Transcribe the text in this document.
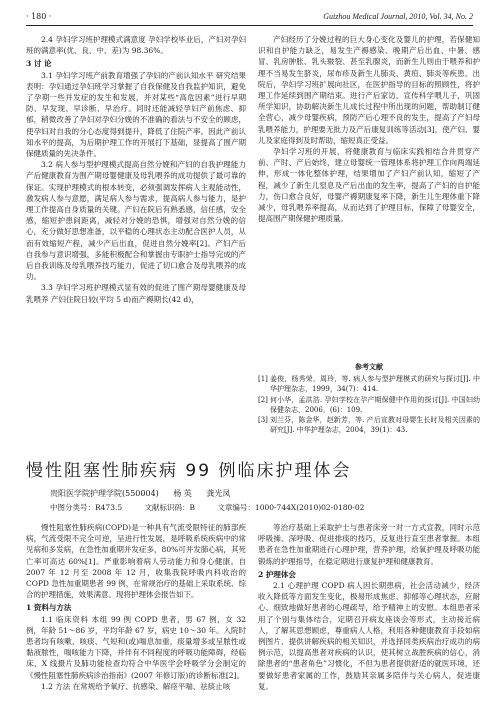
· 180 ·	Guizhou Medical Journal, 2010, Vol. 34, No. 2

2.4 孕妇学习班护理模式满意度 孕妇学校毕业后，产妇对孕妇班的满意率(优、良、中、差)为 98.36%。

3 讨 论

3.1 孕妇学习班产前教育增强了孕妇的产前认知水平 研究结果表明：孕妇通过孕妇班学习掌握了自我保健及自我监护知识，避免了孕期一些并发症的发生和发展，并对某些“高危因素”进行早期防、早发现、早诊断、早治疗。同时还能减轻孕妇产前焦虑、抑郁，稍微改善了孕妇对孕妇分娩的不准确的看法与不安全的顾虑，使孕妇对自我的分心态度得到提升，降低了住院产率。因此产前认知水平的提高，为后期护理工作的开展打下基础，显提高了围产期保健质量的先决条件。

3.2 病人参与型护理模式提高自然分娩和产妇的自我护理能力 产后健康教育为围产期母婴健康及母乳喂养的成功提供了最可靠的保证。实现护理模式的根本转变，必须强调发挥病人主观能动性，激发病人参与意愿，满足病人参与需求，提高病人参与能力，是护理工作提高自身质量的关键。产妇在院后有熟悉感，信任感，安全感，缩短护患间距离，减轻对分娩的恐惧，增强对自然分娩的信心，充分做好思想准备，以平稳的心理状态主动配合医护人员，从而有效缩短产程，减少产后出血，促进自然分娩率[2]。产妇产后自我参与意识增强，多能积极配合和掌握由专职护士指导完成的产后自我训练及母乳喂养技巧能力，促进了切口愈合及母乳喂养的成功。

3.3 孕妇学习班护理模式显有效的促进了围产期母婴健康及母乳喂养 产妇住院日较(平均 5 d)而产褥期长(42 d)，

产妇经历了分娩过程的巨大身心变化及婴儿的护理，若保健知识和自护能力缺乏，易发生产褥感染、晚期产后出血、中暑、感冒、乳房肿胀、乳头皲裂、甚至乳腺炎，而新生儿则由于喂养和护理不当易发生脐炎，尿布疹及新生儿肺炎、黄疸、肺炎等疾患。出院后，孕妇学习班扩展向社区，在医护指导的目标的照顾性，将护理工作延续到围产期结束。进行产后家访，宣传科学喂儿子，巩固所学知识，协助解决新生儿成长过程中所出现的问题，帮助制订健全营心，减少母婴疾病，预防产后心理不良的发生，提高了产妇母乳喂养能力，护理要无批力及产后康复训练等活动[3]，使产妇、婴儿及家庭得到及时帮助，缩短真正受益。

孕妇学习班的开展，将健康教育与临床实践相结合并贯穿产前、产时、产后始终，建立母婴统一管理体系将护理工作向两端延伸，形成一体化整体护理，结果增加了产妇产前认知，缩短了产程，减少了新生儿窒息及产后出血的发生率，提高了产妇的自护能力，伤口愈合良好，母婴产褥期康复率下降，新生儿生理体重下降减少，母乳喂养率提高，从而达到了护理目标，保障了母婴安全，提高围产期保健护理质量。

参考文献
[1] 姜俊，杨秀荣，周玲，等. 病人参与型护理模式的研究与探讨[J]. 中华护理杂志，1999，34(7)：414.
[2] 何小华，孟洪浩. 孕妇学校在孕产期保健中作用的探讨[J]. 中国妇幼保健杂志，2006，(6)：109.
[3] 刘兰芬，陈金华，赵新芳，等. 产后宣教对母婴生长时及相关因素的研究[J]. 中华护理杂志，2004，39(1)：43.
慢性阻塞性肺疾病 99 例临床护理体会
贵阳医学院护理学院(550004) 杨 英 龚光凤
中图分类号：R473.5	文献标识码：B	文章编号：1000-744X(2010)02-0180-02

慢性阻塞性肺疾病(COPD)是一种具有气流受限特征的肺部疾病，气流受限不完全可逆，呈进行性发展，是呼吸系统疾病中的常见病和多发病，在急性加重期并发症多，80%可并发肺心病，其死亡率可高达 60%[1]。严重影响着病人劳动能力和身心健康。自 2007 年 12 月至 2008 年 12 月，收集我院呼吸内科收治的 COPD 急性加重期患者 99 例，在常规治疗的基础上采取系统、综合的护理措施，效果满意。现将护理体会报告如下。

1 资料与方法

1.1 临床资料 本组 99 例 COPD 患者，男 67 例，女 32 例，年龄 51～86 岁，平均年龄 67 岁，病史 10～30 年。入院时患者均有咳嗽、咳痰、气短和(或)喘息加重，痰量增多或呈脓性或黏液脓性，喘咳能力下降，并伴有不同程度的呼吸功能障碍，经临床、X 线摄片及肺功能检查均符合中华医学会呼吸学分会制定的《慢性阻塞性肺疾病诊治指南》(2007 年修订版)的诊断标准[2]。

1.2 方法 在常规给予氧疗、抗感染、解痉平喘、祛痰止咳

等治疗基础上采取护士与患者床旁一对一方式宣教，同时示范呼吸操、深呼吸、促进排痰的技巧，反复进行直至患者掌握。本组患者在急性加重期进行心理护理，营养护理，给氧护理及呼吸功能锻炼的护理指导，在稳定期进行康复护理和健康教育。

2 护理体会

2.1 心理护理 COPD 病人因长期患病，社会活动减少，经济收入降低等方面发生变化，极易形成焦虑、抑郁等心理状态，应耐心、细致地做好患者的心理疏导，给予精神上的安慰。本组患者采用了个别与集体结合，定期召开病友座谈会等形式，主动接近病人，了解其思想顾虑，尊重病人人格，利用各种健康教育手段如病例图片、提供讲解疾病的相关知识，并选择同类疾病治疗成功的病例示范，以提高患者对疾病的认识，使其树立战胜疾病的信心，消除患者的“患者角色”习惯化，不但为患者提供舒适的就医环境，还要做好患者家属的工作，鼓励其亲属多陪伴与关心病人，促进康复。
